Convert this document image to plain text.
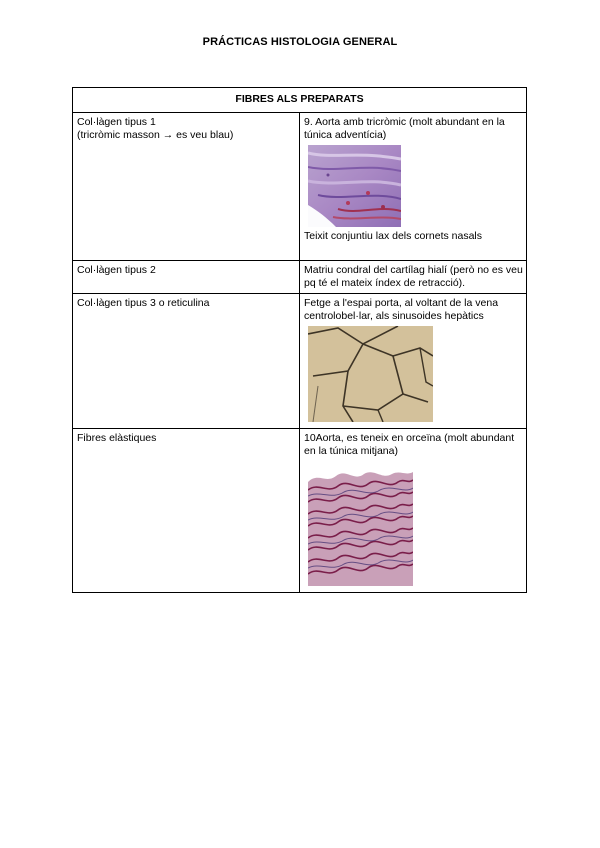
PRÁCTICAS HISTOLOGIA GENERAL
FIBRES ALS PREPARATS	

Col·làgen tipus 1
(tricròmic masson → es veu blau)	9. Aorta amb tricròmic (molt abundant en la túnica adventícia)
Teixit conjuntiu lax dels cornets nasals

Col·làgen tipus 2	Matriu condral del cartílag hialí (però no es veu pq té el mateix índex de retracció).

Col·làgen tipus 3 o reticulina	Fetge a l'espai porta, al voltant de la vena centrolobel·lar, als sinusoides hepàtics

Fibres elàstiques	10Aorta, es teneix en orceïna (molt abundant en la túnica mitjana)
